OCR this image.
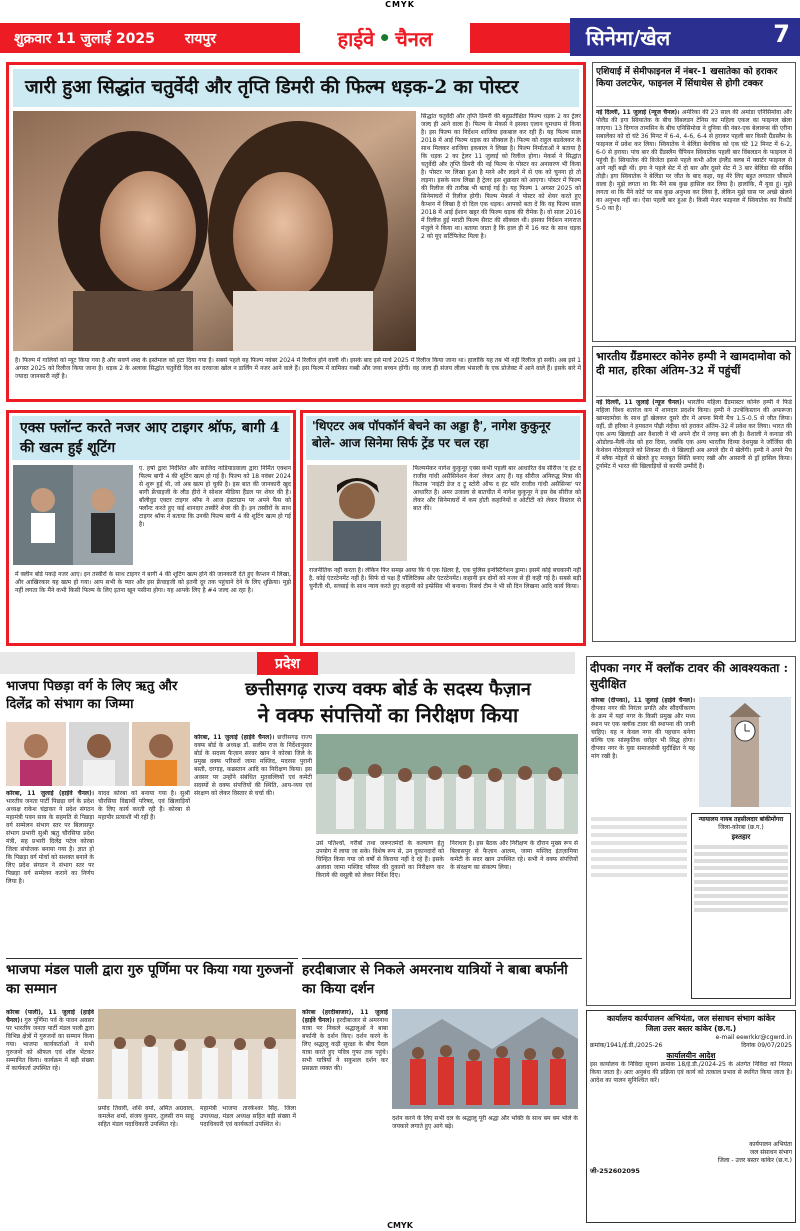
CMYK
शुक्रवार 11 जुलाई 2025 रायपुर	हाईवे • चैनल	सिनेमा/खेल	7
जारी हुआ सिद्धांत चतुर्वेदी और तृप्ति डिमरी की फिल्म धड़क-2 का पोस्टर
सिद्धांत चतुर्वेदी और तृप्ति डिमरी की बहुप्रतीक्षित फिल्म धड़क 2 का ट्रेलर जल्द ही आने वाला है। फिल्म के मेकर्स ने इसका एलान धूमधाम से किया है। इस फिल्म का निर्देशन शाजिया इकबाल कर रही हैं। यह फिल्म साल 2018 में आई फिल्म धड़क का सीक्वल है। फिल्म को राहुल बडवेलकर के साथ मिलकर शाजिया इकबाल ने लिखा है। फिल्म निर्माताओं ने बताया है कि धड़क 2 का ट्रेलर 11 जुलाई को रिलीज होगा। मेकर्स ने सिद्धांत चतुर्वेदी और तृप्ति डिमरी की नई फिल्म के पोस्टर का अनावरण भी किया है। पोस्टर पर लिखा हुआ है मरने और लड़ने में से एक को चुनना हो तो लड़ना। इसके साथ लिखा है ट्रेलर इस शुक्रवार को आएगा। पोस्टर में फिल्म की रिलीज की तारीख भी बताई गई है। यह फिल्म 1 अगस्त 2025 को सिनेमाघरों में रिलीज होगी। फिल्म मेकर्स ने पोस्टर को शेयर करते हुए कैप्शन में लिखा है दो दिल एक धड़क। आपको बता दें कि यह फिल्म साल 2018 में आई ईशान खट्टर की फिल्म धड़क की रीमेक है। वो साल 2016 में रिलीज हुई मराठी फिल्म सैराट की सीक्वल थी। इसका निर्देशन नागराज मंजुले ने किया था। बताया जाता है कि हाल ही में 16 कट के साथ धड़क 2 को यूए सर्टिफिकेट मिला है।
है। फिल्म में गालियों को म्यूट किया गया है और सवर्ण शब्द के इस्तेमाल को हटा दिया गया है। सबसे पहले यह फिल्म नवंबर 2024 में रिलीज होने वाली थी। इसके बाद इसे मार्च 2025 में रिलीज किया जाना था। हालांकि यह तब भी नहीं रिलीज हो सकी। अब इसे 1 अगस्त 2025 को रिलीज किया जाना है। धड़क 2 के अलावा सिद्धांत चतुर्वेदी दिल का दरवाजा खोल न डार्लिंग में नजर आने वाले हैं। इस फिल्म में वामिका गब्बी और जया बच्चन होंगी। वह जल्द ही संजय लीला भंसाली के एक प्रोजेक्ट में आने वाले हैं। इसके बारे में ज्यादा जानकारी नहीं है।
एशियाई में सेमीफाइनल में नंबर-1 खसातेका को हराकर किया उलटफेर, फाइनल में सिंधाथेस से होगी टक्कर
नई दिल्ली, 11 जुलाई (न्यूज चैनल)। अमेरिका की 23 साल की अमांडा एनिसिमोवा और पोलैंड की इगा स्वियातेक के बीच विंबलडन टेनिस का महिला एकल का फाइनल खेला जाएगा। 13 दिग्गज तामसिन के बीच एनिसिमोवा ने दुनिया की नंबर-एक बेलारूस की एरीना सबालेंका को दो घंटे 36 मिनट में 6-4, 4-6, 6-4 से हराकर पहली बार किसी ग्रैंडस्लैम के फाइनल में प्रवेश कर लिया। स्वियातेक ने बेलिंडा बेनचिक को एक घंटे 12 मिनट में 6-2, 6-0 से हराया। पांच बार की ग्रैंडस्लैम चैंपियन स्वियातेक पहली बार विंबलडन के फाइनल में पहुंची हैं। स्वियातेक की विजेता इससे पहले कभी ऑल इंग्लैंड क्लब में क्वार्टर फाइनल से आगे नहीं बढ़ी थीं। इगा ने पहले सेट में दो बार और दूसरे सेट में 3 बार बेलिंडा की सर्विस तोड़ी। इगा स्वियातेक ने बेलिंडा पर जीत के बाद कहा, यह मेरे लिए बहुत लगातार चौंकाने वाला है। मुझे लगता था कि मैंने सब कुछ हासिल कर लिया है। हालांकि, मैं युवा हूं। मुझे लगता था कि मैंने कोर्ट पर सब कुछ अनुभव कर लिया है, लेकिन मुझे घास पर अच्छे खेलने का अनुभव नहीं था। ऐसा पहली बार हुआ है। किसी मेजर फाइनल में स्वियातेक का रिकॉर्ड 5-0 का है।
भारतीय ग्रैंडमास्टर कोनेरु हम्पी ने खामदामोवा को दी मात, हरिका अंतिम-32 में पहुंचीं
नई दिल्ली, 11 जुलाई (न्यूज चैनल)। भारतीय महिला ग्रैंडमास्टर कोनेरु हम्पी ने फिडे महिला विश्व शतरंज कप में शानदार प्रदर्शन किया। हम्पी ने उज्बेकिस्तान की अफरूजा खामदामोवा के साथ ड्रॉ खेलकर दूसरे दौर में अपना मिनी मैच 1.5-0.5 से जीत लिया। वहीं, डी हरिका ने हमवतन पौढ़ी नंदीधा को हराकर अंतिम-32 में प्रवेश कर लिया। भारत की एक अन्य खिलाड़ी आर वैशाली ने भी अपने दौर में जगह बना ली है। वैशाली ने कनाडा की ओडोल्ड-मैली-जेड को हरा दिया, जबकि एक अन्य भारतीय दिव्या देशमुख ने जॉर्जिया की केथेवन नोदेलाइजे को शिकस्त दी। ये खिलाड़ी अब अगले दौर में खेलेंगी। हम्पी ने अपने मैच में ब्लैक मोहरों से खेलते हुए मजबूत स्थिति बनाए रखी और आसानी से ड्रॉ हासिल किया। टूर्नामेंट में भारत की खिलाड़ियों से काफी उम्मीदें हैं।
एक्स फ्लॉन्ट करते नजर आए टाइगर श्रॉफ, बागी 4 की खत्म हुई शूटिंग
ए. हर्षा द्वारा निर्देशित और साजिद नाडियाडवाला द्वारा निर्मित एक्शन फिल्म बागी 4 की शूटिंग खत्म हो गई है। फिल्म को 18 नवंबर 2024 से शुरू हुई थी, जो अब खत्म हो चुकी है। इस बात की जानकारी खुद बागी फ्रेंचाइजी के लीड हीरो ने सोशल मीडिया हैंडल पर शेयर की है। बॉलीवुड एक्टर टाइगर श्रॉफ ने आज इंस्टाग्राम पर अपने फैंस को फ्लॉन्ट करते हुए कई शानदार तस्वीरें शेयर की हैं। इन तस्वीरों के साथ टाइगर श्रॉफ ने बताया कि उनकी फिल्म बागी 4 की शूटिंग खत्म हो गई है।
में क्लीन बोर्ड पकड़े नजर आए। इन तस्वीरों के साथ टाइगर ने बागी 4 की शूटिंग खत्म होने की जानकारी देते हुए कैप्शन में लिखा, और आखिरकार यह खत्म हो गया। आप सभी के प्यार और इस फ्रेंचाइजी को इतनी दूर तक पहुंचाने देने के लिए शुक्रिया। मुझे नहीं लगता कि मैंने कभी किसी फिल्म के लिए इतना खून पसीना होगा। यह आपके लिए है #4 जल्द आ रहा है।
'थिएटर अब पॉपकॉर्न बेचने का अड्डा है', नागेश कुकुनूर बोले- आज सिनेमा सिर्फ ट्रेंड पर चल रहा
फिल्ममेकर नागेश कुकुनूर एक्स कभी पहली बार आधारित वेब सीरीज 'द हंट द राजीव गांधी असैसिनेशन केस' लेकर आए हैं। यह सीरीज अनिरुद्ध मित्रा की किताब 'नाइंटी डेज द ट्रू स्टोरी ऑफ द हंट फॉर राजीव गांधी असैसिन्स' पर आधारित है। अमर उजाला से बातचीत में नागेश कुकुनूर ने इस वेब सीरीज को लेकर और सिनेमाघरों में कम होती कहानियों व ओटीटी को लेकर विस्तार से बात की।
राजनीतिक नहीं करता है। लेकिन फिर समझ आया कि ये एक थ्रिलर है, एक पुलिस इन्वेस्टिगेशन ड्रामा। इसमें कोई बचकानी नहीं है, कोई एंटरटेनमेंट नहीं है। सिर्फ दो पक्ष हैं पॉलिटिक्स और एंटरटेनमेंट। कहानी इन दोनों को नजर से ही कही गई है। सबसे बड़ी चुनौती थी, सच्चाई के साथ न्याय करते हुए कहानी को इम्प्रेसिव भी बनाना। रिसर्च टीम ने भी सौ दिन लिखना आदि कार्य किया।
प्रदेश
भाजपा पिछड़ा वर्ग के लिए ऋतु और दिलेंद्र को संभाग का जिम्मा
कोरबा, 11 जुलाई (हाईवे चैनल)। भारतीय जनता पार्टी पिछड़ा वर्ग के प्रदेश अध्यक्ष राकेश चंद्राकर ने प्रदेश संगठन महामंत्री पवन साय के सहमति से पिछड़ा वर्ग सम्मेलन संभाग स्तर पर बिलासपुर संभाग प्रभारी सुश्री ऋतु चौरसिया प्रदेश मंत्री, सह प्रभारी दिलेंद्र पटेल कोरबा जिला संयोजक बनाया गया है। ज्ञात हो कि पिछड़ा वर्ग मोर्चा को सशक्त बनाने के लिए प्रदेश संगठन ने संभाग स्तर पर पिछड़ा वर्ग सम्मेलन कराने का निर्णय लिया है।
यादव कोरबा को बनाया गया है। सुश्री चौरसिया विद्यार्थी परिषद, एवं खिलाड़ियों के लिए कार्य करती रही हैं। कोरबा से महापौर प्रत्याशी भी रहीं हैं।
छत्तीसगढ़ राज्य वक्फ बोर्ड के सदस्य फैज़ान
ने वक्फ संपत्तियों का निरीक्षण किया
कोरबा, 11 जुलाई (हाईवे चैनल)। छत्तीसगढ़ राज्य वक्फ बोर्ड के अध्यक्ष डॉ. सलीम राज के निर्देशानुसार बोर्ड के सदस्य फैज़ान सरवर खान ने कोरबा जिले के प्रमुख वक्फ परिसरों जामा मस्जिद, मदरसा पुरानी बस्ती, दरगाह, कब्रस्तान आदि का निरीक्षण किया। इस अवसर पर उन्होंने संबंधित मुतवल्लियों एवं कमेटी सदस्यों से वक्फ संपत्तियों की स्थिति, आय-व्यय एवं संरक्षण को लेकर विस्तार से चर्चा की।
उसे पतिश्चों, गरीबों तथा जरूरतमंदों के कल्याण हेतु उपयोग में लाया जा सके। विशेष रूप से, उन दुकानदारों को चिन्हित किया गया जो वर्षों से किराया नहीं दे रहे हैं। इसके अलावा जामा मस्जिद परिसर की दुकानों का निरीक्षण कर किराये की वसूली को लेकर निर्देश दिए।
निराधार है। इस बैठक और निरीक्षण के दौरान मुख्य रूप से बिलासपुर से फैज़ान आलम, जामा मस्जिद इंतज़ामिया कमेटी के सदर खान उपस्थित रहे। सभी ने वक्फ संपत्तियों के संरक्षण का संकल्प लिया।
दीपका नगर में क्लॉक टावर की आवश्यकता : सुदीक्षित
कोरबा (दीपका), 11 जुलाई (हाईवे चैनल)। दीपका नगर की निरंतर प्रगति और सौंदर्यीकरण के क्रम में यहां नगर के किसी प्रमुख और मध्य स्थान पर एक क्लॉक टावर की स्थापना की जानी चाहिए। यह न केवल नगर की पहचान बनेगा बल्कि एक सांस्कृतिक धरोहर भी सिद्ध होगा। दीपका नगर के युवा समाजसेवी सुदीक्षित ने यह मांग रखी है।
न्यायालय नायब तहसीलदार बांकीमोंगरा
जिला-कोरबा (छ.ग.)
इश्तहार
भाजपा मंडल पाली द्वारा गुरु पूर्णिमा पर किया गया गुरुजनों का सम्मान
कोरबा (पाली), 11 जुलाई (हाईवे चैनल)। गुरु पूर्णिमा पर्व के पावन अवसर पर भारतीय जनता पार्टी मंडल पाली द्वारा विभिन्न क्षेत्रों में गुरुजनों का सम्मान किया गया। भाजपा कार्यकर्ताओं ने सभी गुरुजनों को श्रीफल एवं शॉल भेंटकर सम्मानित किया। कार्यक्रम में बड़ी संख्या में कार्यकर्ता उपस्थित रहे।
प्रमोद तिवारी, शशि वर्मा, अमित अग्रवाल, कमलेश शर्मा, संजय कुमार, तुलसी राम साहू सहित मंडल पदाधिकारी उपस्थित रहे।
महामंत्री भाजपा तारकेश्वर सिंह, जिला उपाध्यक्ष, मंडल अध्यक्ष सहित बड़ी संख्या में पदाधिकारी एवं कार्यकर्ता उपस्थित थे।
हरदीबाजार से निकले अमरनाथ यात्रियों ने बाबा बर्फानी का किया दर्शन
कोरबा (हरदीबाजार), 11 जुलाई (हाईवे चैनल)। हरदीबाजार से अमरनाथ यात्रा पर निकले श्रद्धालुओं ने बाबा बर्फानी के दर्शन किए। दर्शन करने के लिए श्रद्धालु कड़ी सुरक्षा के बीच पैदल यात्रा करते हुए पवित्र गुफा तक पहुंचे। सभी यात्रियों ने सकुशल दर्शन कर प्रसन्नता व्यक्त की।
दर्शन करने के लिए सभी दल के श्रद्धालु पूरी श्रद्धा और भक्ति के साथ बम बम भोले के जयकारे लगाते हुए आगे बढ़े।
कार्यालय कार्यपालन अभियंता, जल संसाधन संभाग कांकेर
जिला उत्तर बस्तर कांकेर (छ.ग.)
e-mail eewrkkr@cgwrd.in
क्रमांक/1941/ई.डी./2025-26	दिनांक 09/07/2025
कार्यालयीन आदेश
इस कार्यालय के निविदा सूचना क्रमांक 18/ई.डी./2024-25 के अंतर्गत निविदा को निरस्त किया जाता है। अतः अनुबंध की प्रक्रिया एवं कार्य को तत्काल प्रभाव से स्थगित किया जाता है। आदेश का पालन सुनिश्चित करें।
कार्यपालन अभियंता
जल संसाधन संभाग
जिला - उत्तर बस्तर कांकेर (छ.ग.)
जी-252602095
CMYK
